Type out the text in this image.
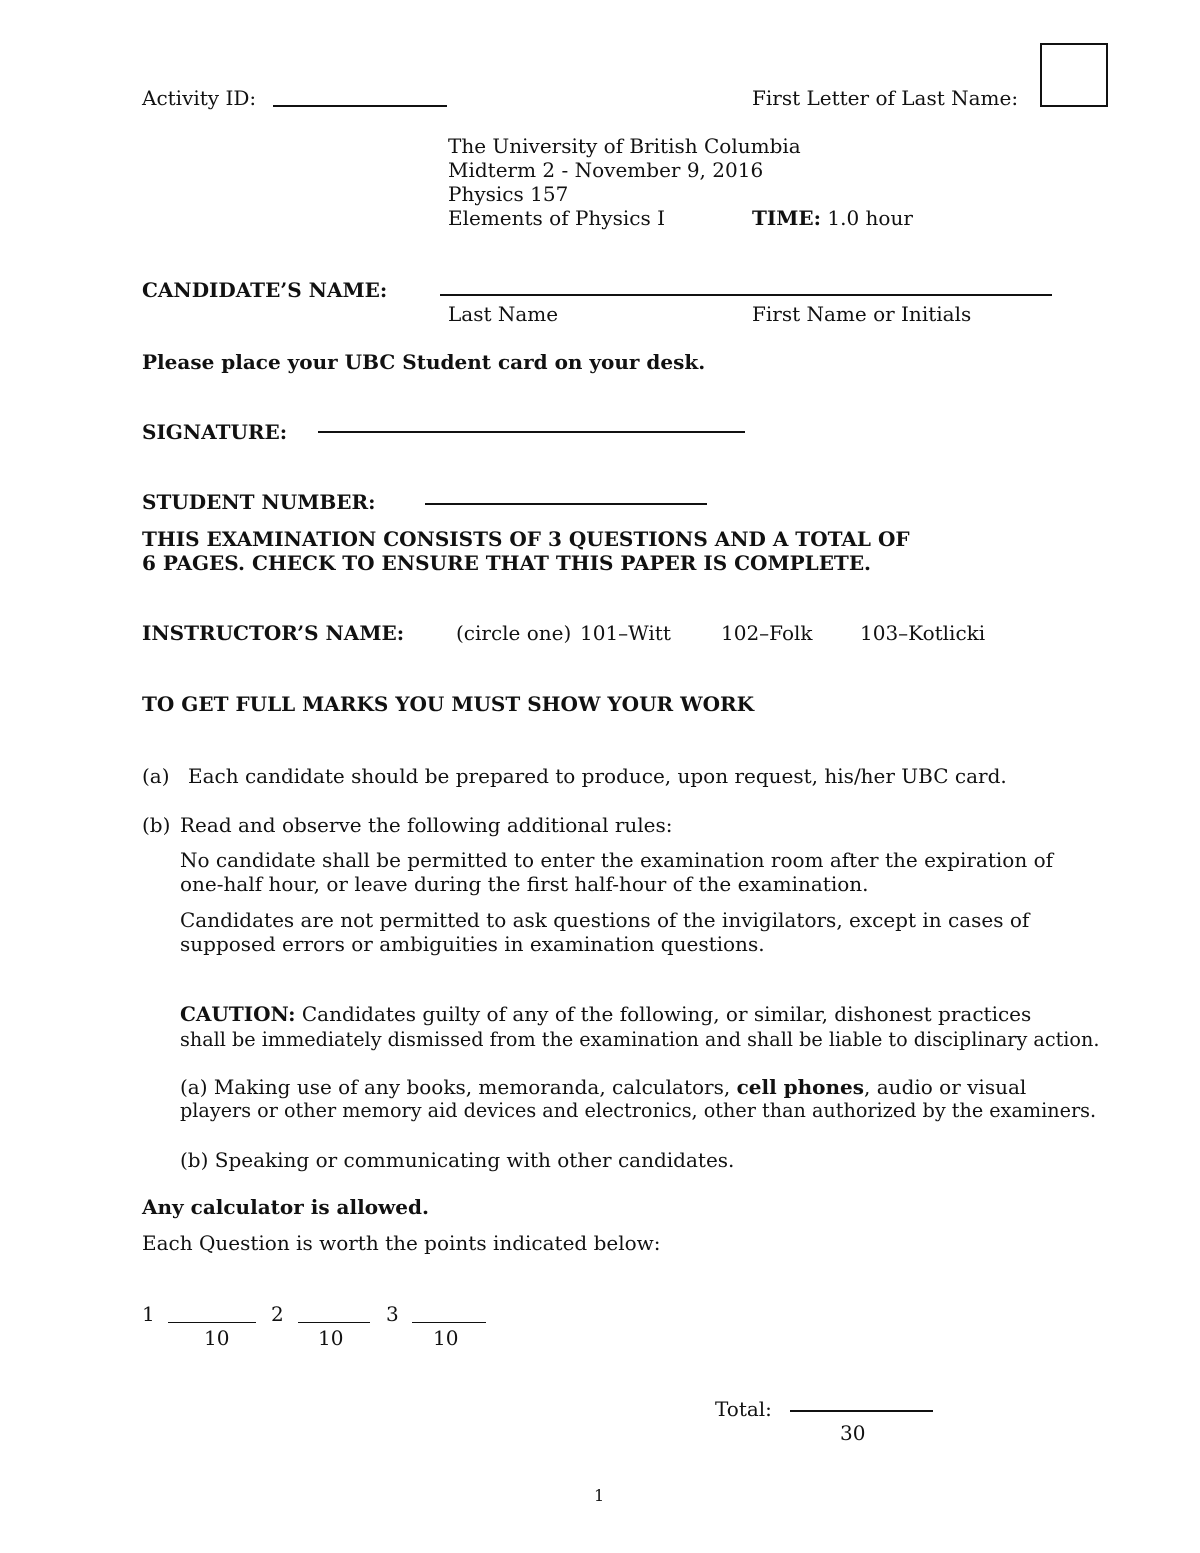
Activity ID:	First Letter of Last Name:
The University of British Columbia
Midterm 2 - November 9, 2016
Physics 157
Elements of Physics I	TIME: 1.0 hour
CANDIDATE’S NAME:
Last Name	First Name or Initials
Please place your UBC Student card on your desk.
SIGNATURE:
STUDENT NUMBER:
THIS EXAMINATION CONSISTS OF 3 QUESTIONS AND A TOTAL OF
6 PAGES. CHECK TO ENSURE THAT THIS PAPER IS COMPLETE.
INSTRUCTOR’S NAME:	(circle one) 101–Witt	102–Folk 103–Kotlicki
TO GET FULL MARKS YOU MUST SHOW YOUR WORK
(a) Each candidate should be prepared to produce, upon request, his/her UBC card.
(b) Read and observe the following additional rules:
No candidate shall be permitted to enter the examination room after the expiration of
one-half hour, or leave during the first half-hour of the examination.
Candidates are not permitted to ask questions of the invigilators, except in cases of
supposed errors or ambiguities in examination questions.
CAUTION: Candidates guilty of any of the following, or similar, dishonest practices
shall be immediately dismissed from the examination and shall be liable to disciplinary action.
(a) Making use of any books, memoranda, calculators, cell phones, audio or visual
players or other memory aid devices and electronics, other than authorized by the examiners.
(b) Speaking or communicating with other candidates.
Any calculator is allowed.
Each Question is worth the points indicated below:
1
10
2
10
3
10
Total:
30
1
